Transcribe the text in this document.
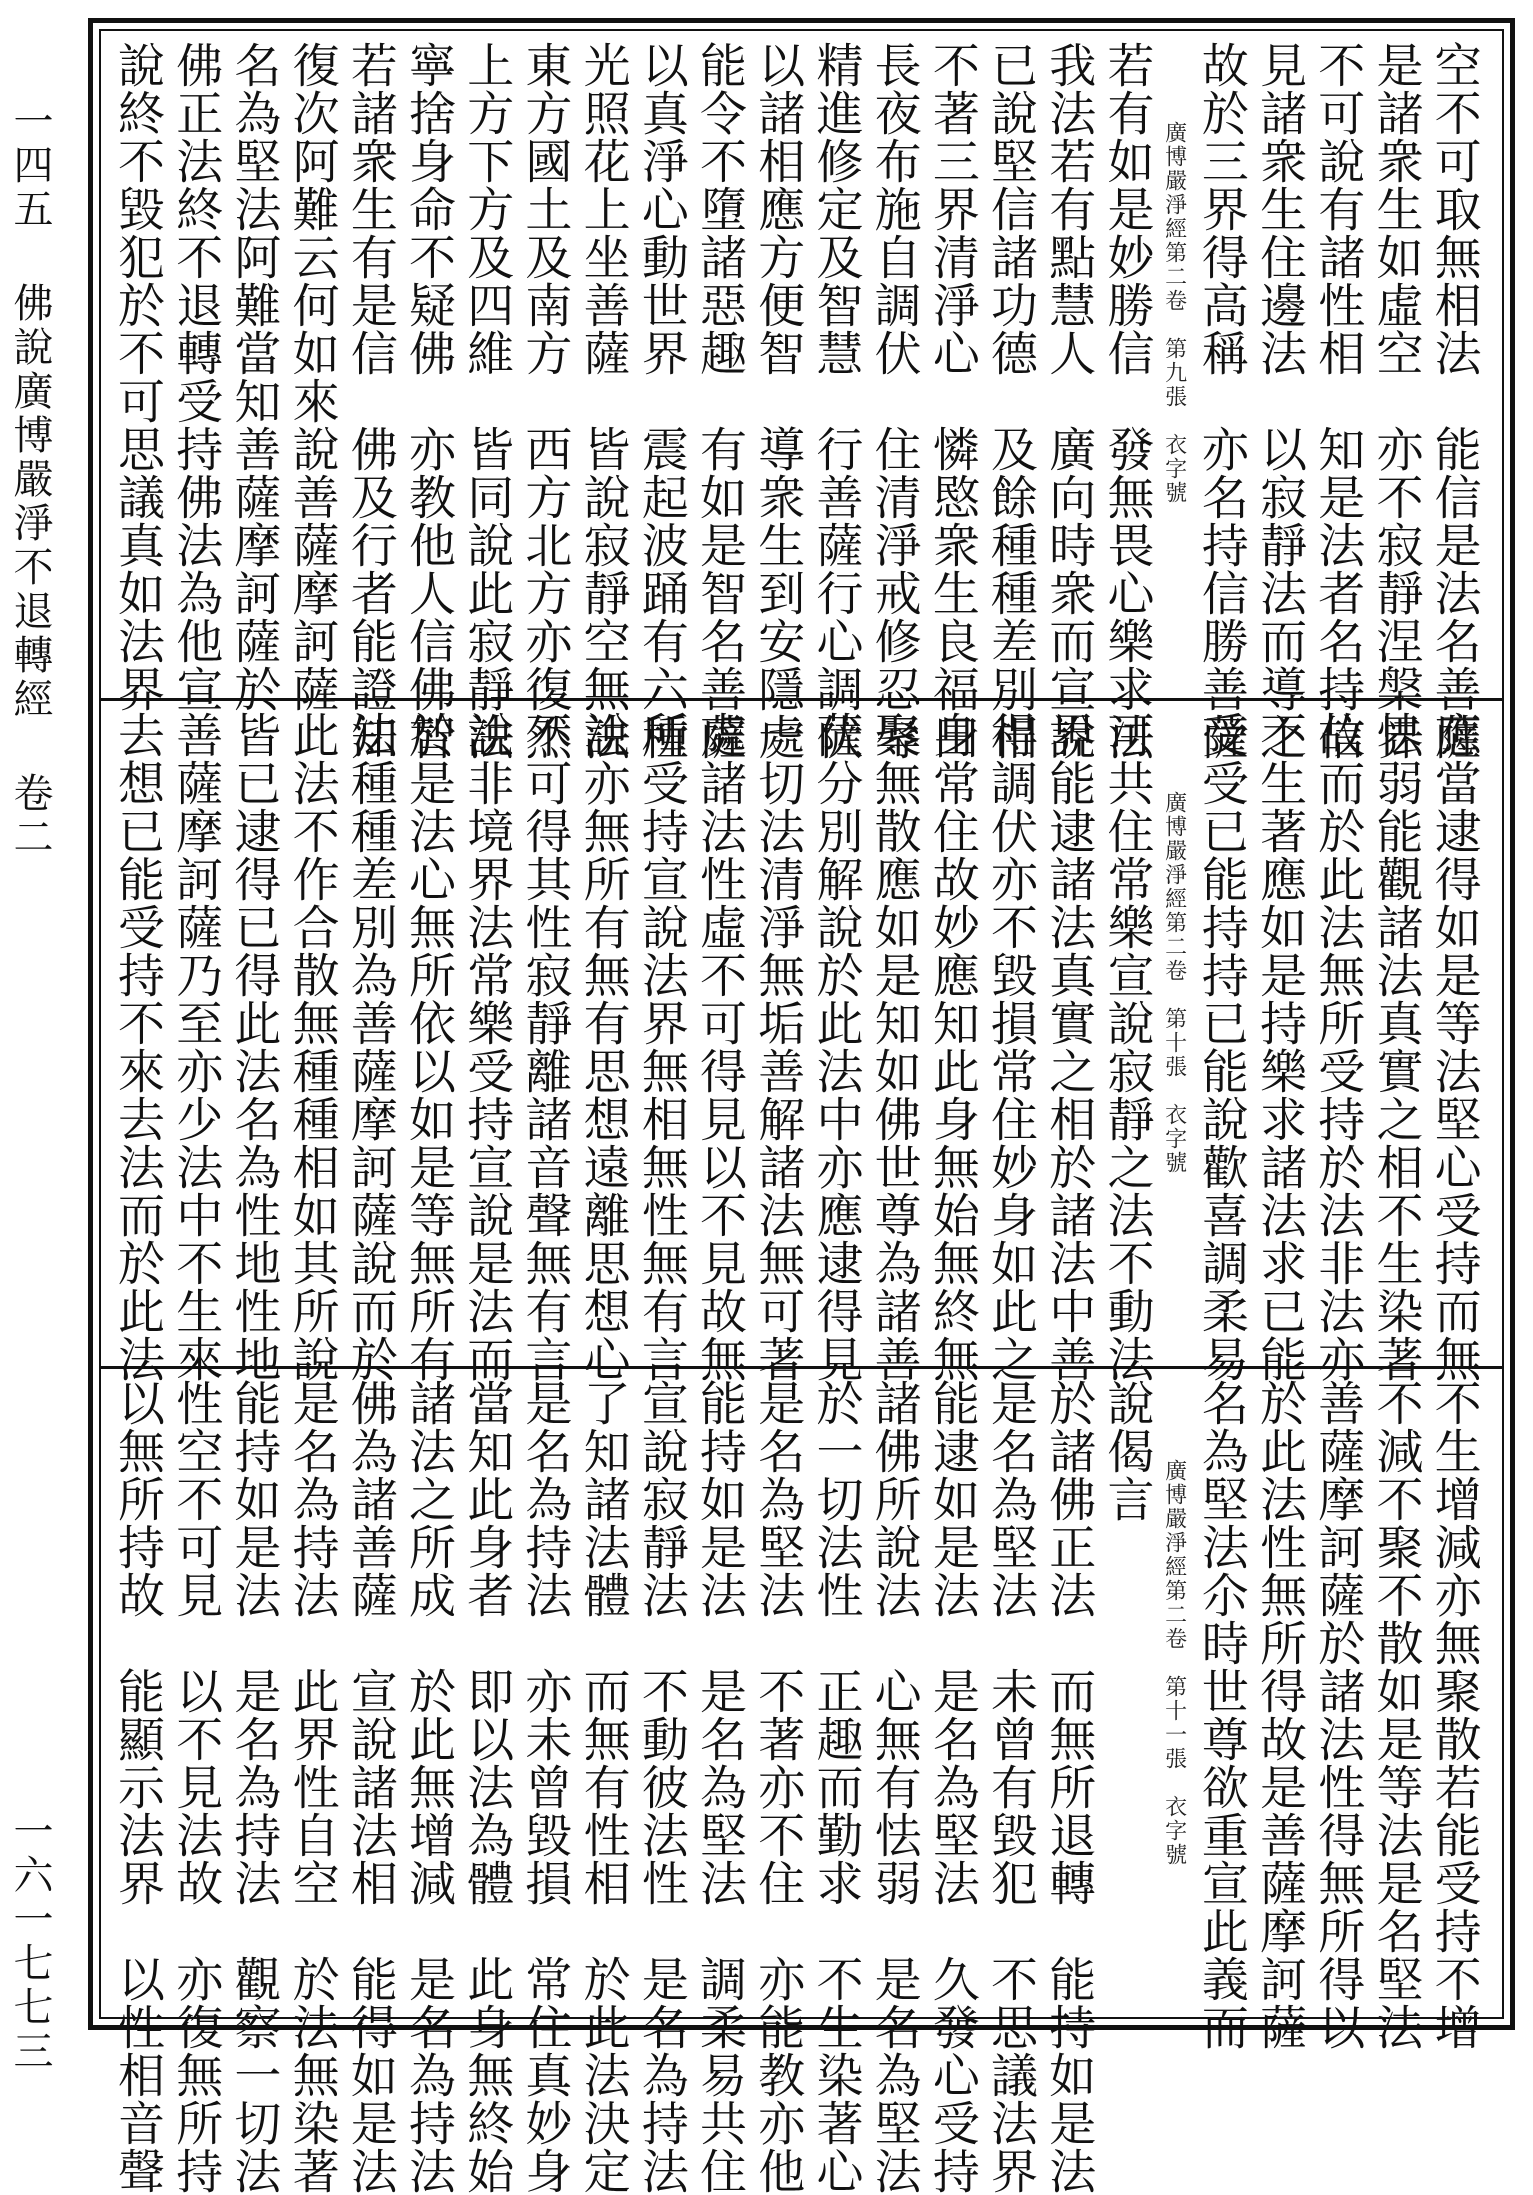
一四五 佛說廣博嚴淨不退轉經 卷二
一六一七七三
空不可取無相法　能信是法名善薩
是諸衆生如虛空　亦不寂靜涅槃界
不可說有諸性相　知是法者名持信
見諸衆生住邊法　以寂靜法而導之
故於三界得高稱　亦名持信勝善薩
廣博嚴淨經第二卷　第九張　衣字號
若有如是妙勝信　發無畏心樂求法
我法若有點慧人　廣向時衆而宣說
已說堅信諸功德　及餘種種差別相
不著三界清淨心　憐愍衆生良福田
長夜布施自調伏　住清淨戒修忍辱
精進修定及智慧　行善薩行心調伏
以諸相應方便智　導衆生到安隱處
能令不墮諸惡趣　有如是智名善薩
以真淨心動世界　震起波踊有六種
光照花上坐善薩　皆說寂靜空無法
東方國土及南方　西方北方亦復然
上方下方及四維　皆同說此寂靜法
寧捨身命不疑佛　亦教他人信佛智
若諸衆生有是信　佛及行者能證知
復次阿難云何如來說善薩摩訶薩
名為堅法阿難當知善薩摩訶薩於
佛正法終不退轉受持佛法為他宣
說終不毀犯於不可思議真如法界
應當逮得如是等法堅心受持而無
怯弱能觀諸法真實之相不生染著
故而於此法無所受持於法非法亦
不生著應如是持樂求諸法求已能
受受已能持持已能說歡喜調柔易
廣博嚴淨經第二卷　第十張　衣字號
可共住常樂宣說寂靜之法不動法
界能逮諸法真實之相於諸法中善
得調伏亦不毀損常住妙身如此之
身常住故妙應知此身無始無終無
聚無散應如是知如佛世尊為諸善
薩分別解說於此法中亦應逮得見
一切法清淨無垢善解諸法無可著
處諸法性虛不可得見以不見故無
所受持宣說法界無相無性無有言
說亦無所有無有思想遠離思想心
不可得其性寂靜離諸音聲無有言
說非境界法常樂受持宣說是法而
於是法心無所依以如是等無所有
法種種差別為善薩摩訶薩說而於
此法不作合散無種種相如其所說
皆已逮得已得此法名為性地性地
善薩摩訶薩乃至亦少法中不生來
去想已能受持不來去法而於此法
不生增減亦無聚散若能受持不增
不減不聚不散如是等法是名堅法
善薩摩訶薩於諸法性得無所得以
於此法性無所得故是善薩摩訶薩
名為堅法尒時世尊欲重宣此義而
廣博嚴淨經第二卷　第十一張　衣字號
說偈言
於諸佛正法　而無所退轉　能持如是法
是名為堅法　未曾有毀犯　不思議法界
能逮如是法　是名為堅法　久發心受持
諸佛所說法　心無有怯弱　是名為堅法
於一切法性　正趣而勤求　不生染著心
是名為堅法　不著亦不住　亦能教亦他
能持如是法　是名為堅法　調柔易共住
宣說寂靜法　不動彼法性　是名為持法
了知諸法體　而無有性相　於此法決定
是名為持法　亦未曾毀損　常住真妙身
當知此身者　即以法為體　此身無終始
諸法之所成　於此無增減　是名為持法
佛為諸善薩　宣說諸法相　能得如是法
是名為持法　此界性自空　於法無染著
能持如是法　是名為持法　觀察一切法
性空不可見　以不見法故　亦復無所持
以無所持故　能顯示法界　以性相音聲
